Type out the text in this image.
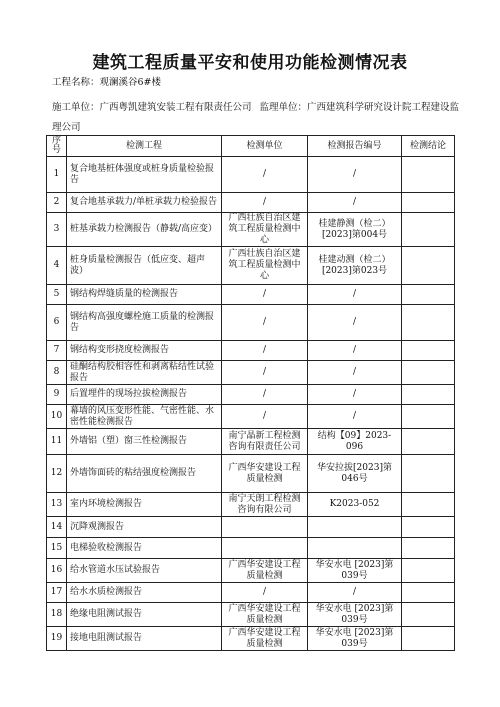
建筑工程质量平安和使用功能检测情况表
工程名称：观澜溪谷6#楼
施工单位：广西粤凯建筑安装工程有限责任公司 监理单位：广西建筑科学研究设计院工程建设监理公司
序号	检测工程	检测单位	检测报告编号	检测结论
1	复合地基桩体强度或桩身质量检验报告	/	/	
2	复合地基承载力/单桩承载力检验报告	/	/	
3	桩基承载力检测报告（静载/高应变）	广西壮族自治区建筑工程质量检测中心	桂建静测（检二）[2023]第004号	
4	桩身质量检测报告（低应变、超声波）	广西壮族自治区建筑工程质量检测中心	桂建动测（检二）[2023]第023号	
5	钢结构焊缝质量的检测报告	/	/	
6	钢结构高强度螺栓施工质量的检测报告	/	/	
7	钢结构变形挠度检测报告	/	/	
8	硅酮结构胶相容性和剥离粘结性试验报告	/	/	
9	后置埋件的现场拉拔检测报告	/	/	
10	幕墙的风压变形性能、气密性能、水密性能检测报告	/	/	
11	外墙铝（塑）窗三性检测报告	南宁晶新工程检测咨询有限责任公司	结构【09】2023-096	
12	外墙饰面砖的粘结强度检测报告	广西华安建设工程质量检测	华安拉拔[2023]第046号	
13	室内环境检测报告	南宁天朗工程检测咨询有限公司	K2023-052	
14	沉降观测报告			
15	电梯验收检测报告			
16	给水管道水压试验报告	广西华安建设工程质量检测	华安水电 [2023]第039号	
17	给水水质检测报告	/	/	
18	绝缘电阻测试报告	广西华安建设工程质量检测	华安水电 [2023]第039号	
19	接地电阻测试报告	广西华安建设工程质量检测	华安水电 [2023]第039号	
